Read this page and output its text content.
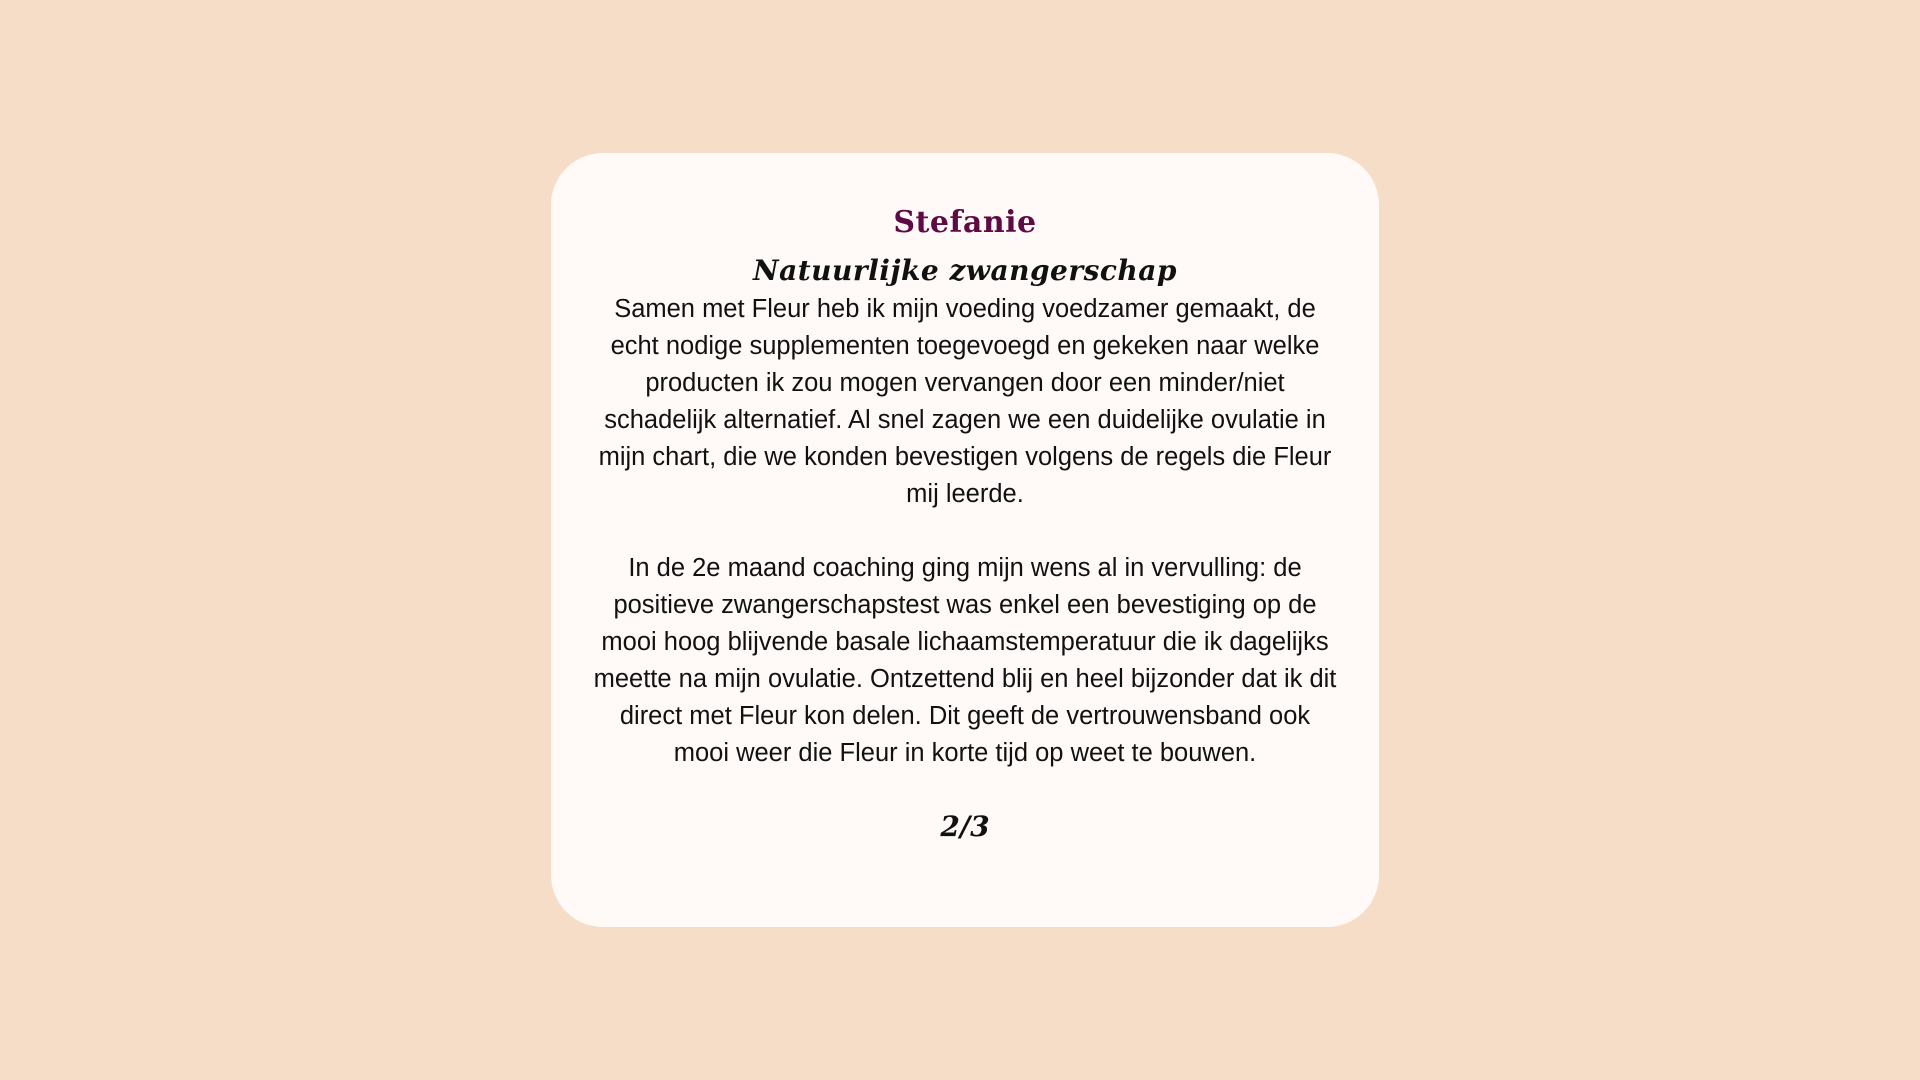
Stefanie
Natuurlijke zwangerschap

Samen met Fleur heb ik mijn voeding voedzamer gemaakt, de echt nodige supplementen toegevoegd en gekeken naar welke producten ik zou mogen vervangen door een minder/niet schadelijk alternatief. Al snel zagen we een duidelijke ovulatie in mijn chart, die we konden bevestigen volgens de regels die Fleur mij leerde.

In de 2e maand coaching ging mijn wens al in vervulling: de positieve zwangerschapstest was enkel een bevestiging op de mooi hoog blijvende basale lichaamstemperatuur die ik dagelijks meette na mijn ovulatie. Ontzettend blij en heel bijzonder dat ik dit direct met Fleur kon delen. Dit geeft de vertrouwensband ook mooi weer die Fleur in korte tijd op weet te bouwen.

2/3
